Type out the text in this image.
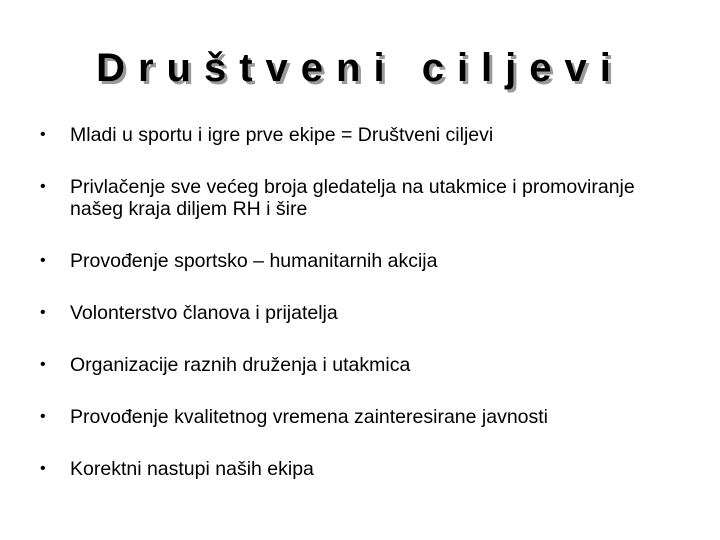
Društveni ciljevi
• Mladi u sportu i igre prve ekipe = Društveni ciljevi
• Privlačenje sve većeg broja gledatelja na utakmice i promoviranje našeg kraja diljem RH i šire
• Provođenje sportsko – humanitarnih akcija
• Volonterstvo članova i prijatelja
• Organizacije raznih druženja i utakmica
• Provođenje kvalitetnog vremena zainteresirane javnosti
• Korektni nastupi naših ekipa
